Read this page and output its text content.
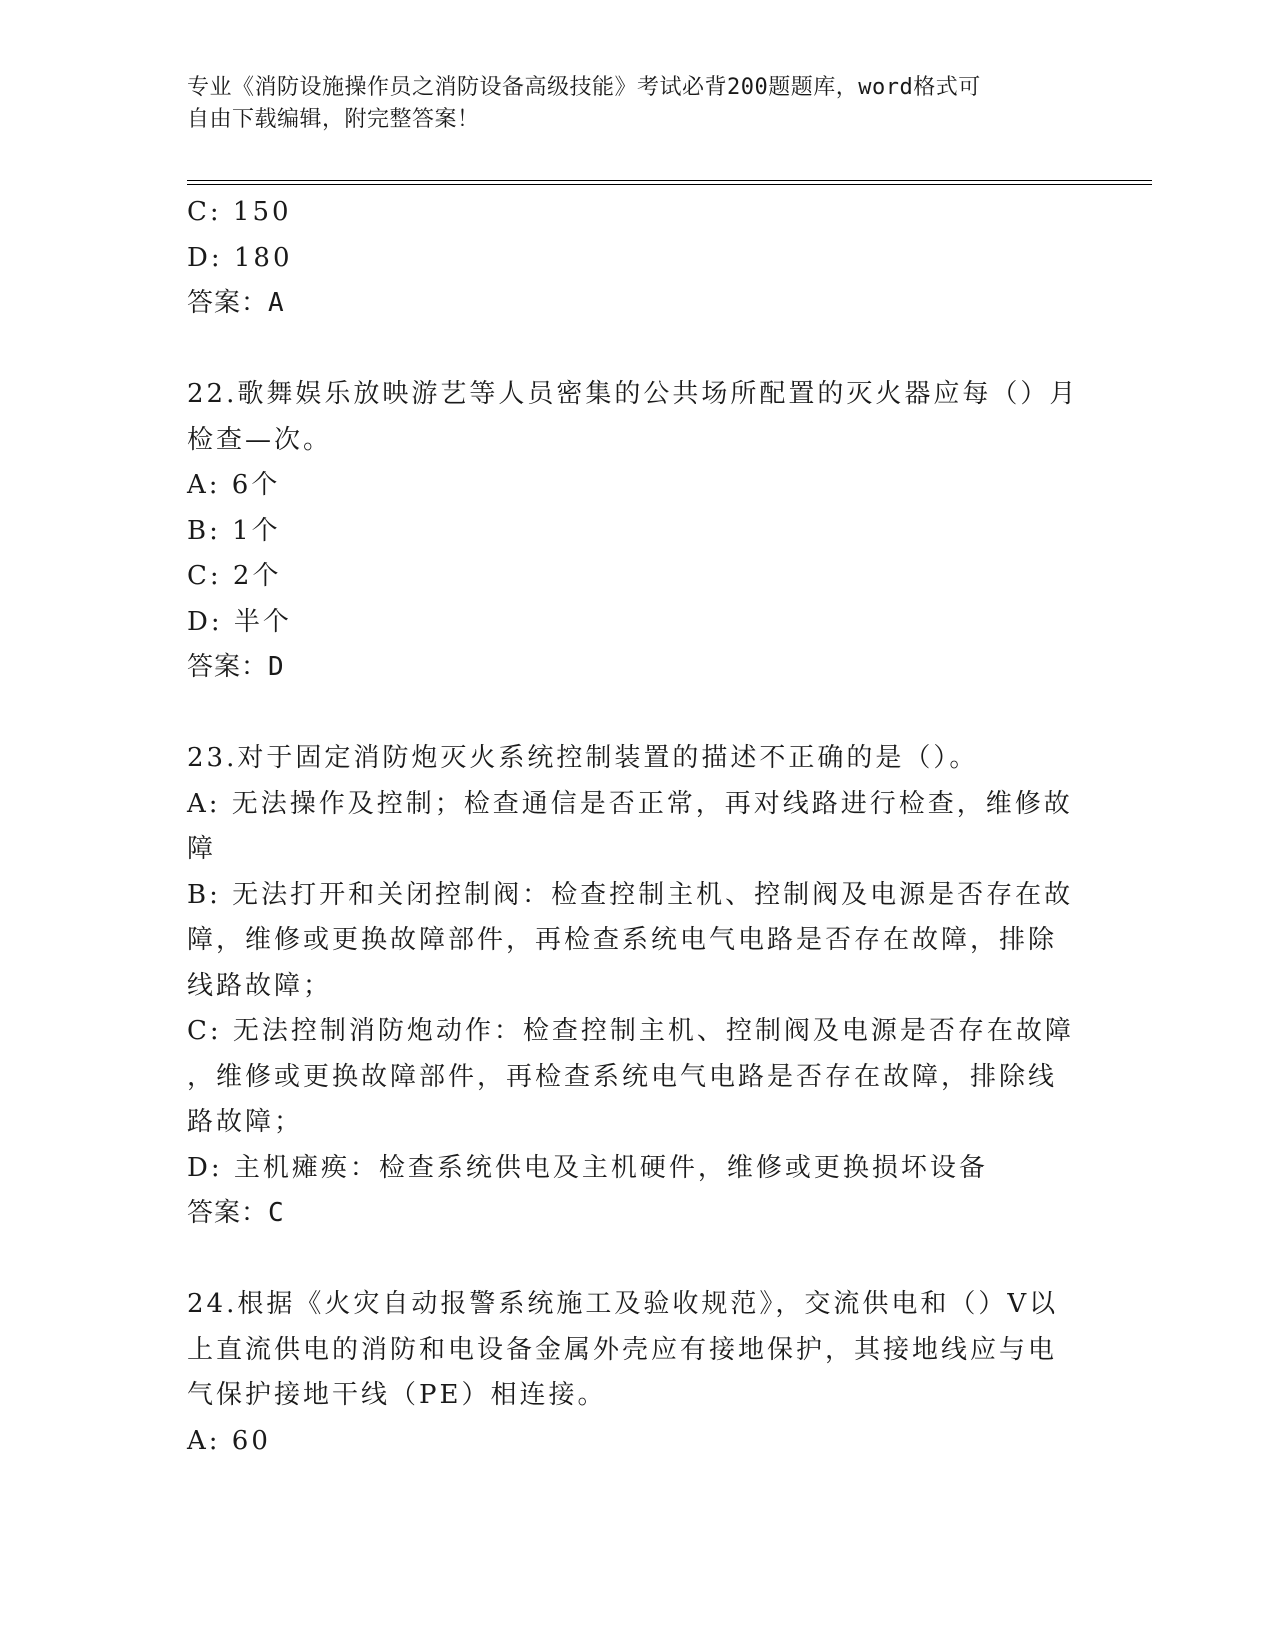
专业《消防设施操作员之消防设备高级技能》考试必背200题题库，word格式可
自由下载编辑，附完整答案！
C: 150
D: 180
答案：A
22.歌舞娱乐放映游艺等人员密集的公共场所配置的灭火器应每（）月
检查—次。
A: 6个
B: 1个
C: 2个
D: 半个
答案：D
23.对于固定消防炮灭火系统控制装置的描述不正确的是（）。
A: 无法操作及控制；检查通信是否正常，再对线路进行检查，维修故
障
B: 无法打开和关闭控制阀：检查控制主机、控制阀及电源是否存在故
障，维修或更换故障部件，再检查系统电气电路是否存在故障，排除
线路故障；
C: 无法控制消防炮动作：检查控制主机、控制阀及电源是否存在故障
，维修或更换故障部件，再检查系统电气电路是否存在故障，排除线
路故障；
D: 主机瘫痪：检查系统供电及主机硬件，维修或更换损坏设备
答案：C
24.根据《火灾自动报警系统施工及验收规范》，交流供电和（）V以
上直流供电的消防和电设备金属外壳应有接地保护，其接地线应与电
气保护接地干线（PE）相连接。
A: 60
